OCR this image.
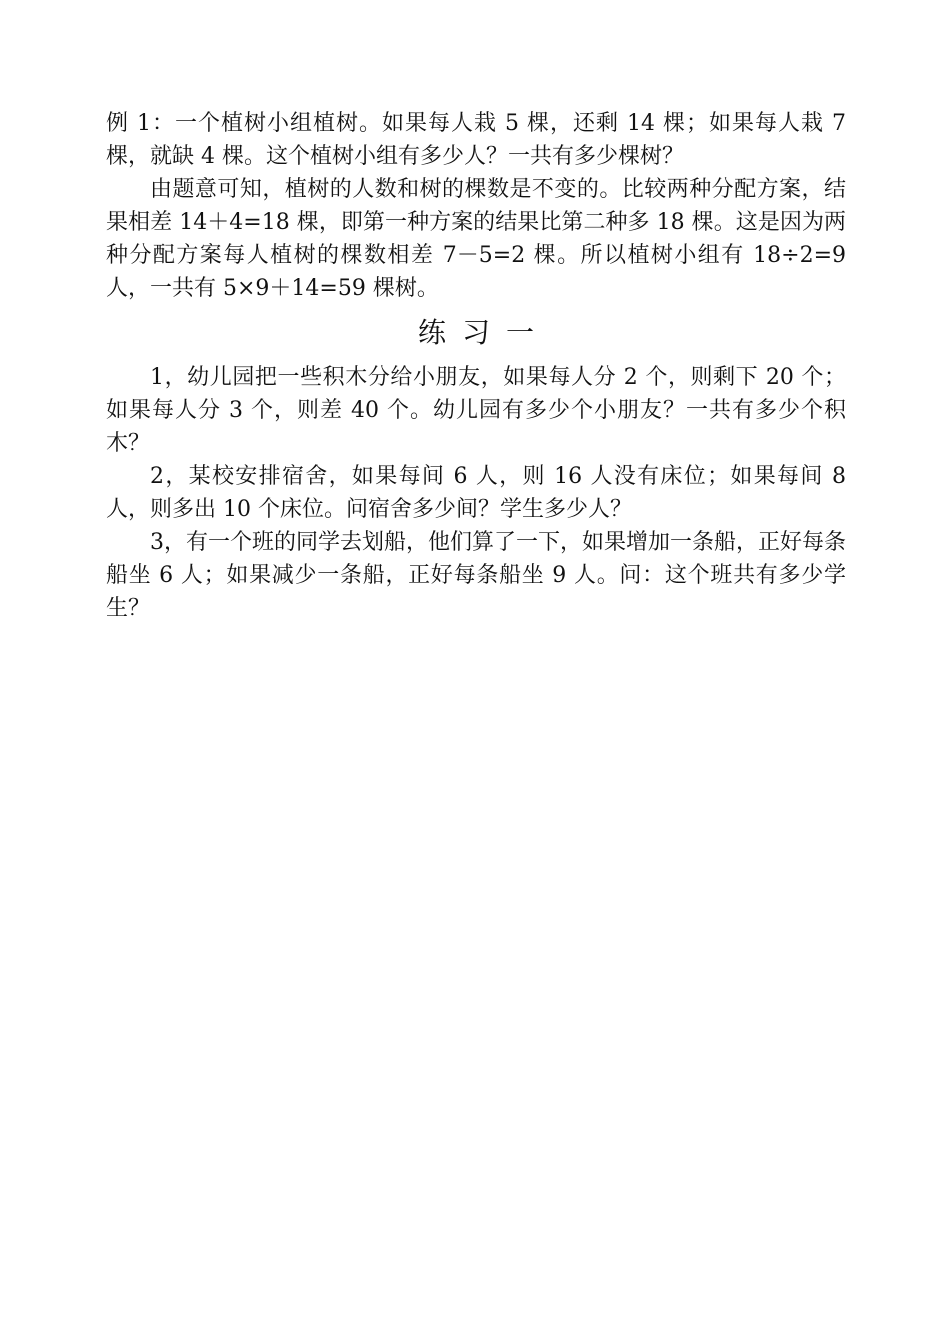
例 1：一个植树小组植树。如果每人栽 5 棵，还剩 14 棵；如果每人栽 7 棵，就缺 4 棵。这个植树小组有多少人？一共有多少棵树？

由题意可知，植树的人数和树的棵数是不变的。比较两种分配方案，结果相差 14＋4=18 棵，即第一种方案的结果比第二种多 18 棵。这是因为两种分配方案每人植树的棵数相差 7－5=2 棵。所以植树小组有 18÷2=9 人，一共有 5×9＋14=59 棵树。

练习一

1，幼儿园把一些积木分给小朋友，如果每人分 2 个，则剩下 20 个；如果每人分 3 个，则差 40 个。幼儿园有多少个小朋友？一共有多少个积木？

2，某校安排宿舍，如果每间 6 人，则 16 人没有床位；如果每间 8 人，则多出 10 个床位。问宿舍多少间？学生多少人？

3，有一个班的同学去划船，他们算了一下，如果增加一条船，正好每条船坐 6 人；如果减少一条船，正好每条船坐 9 人。问：这个班共有多少学生？
